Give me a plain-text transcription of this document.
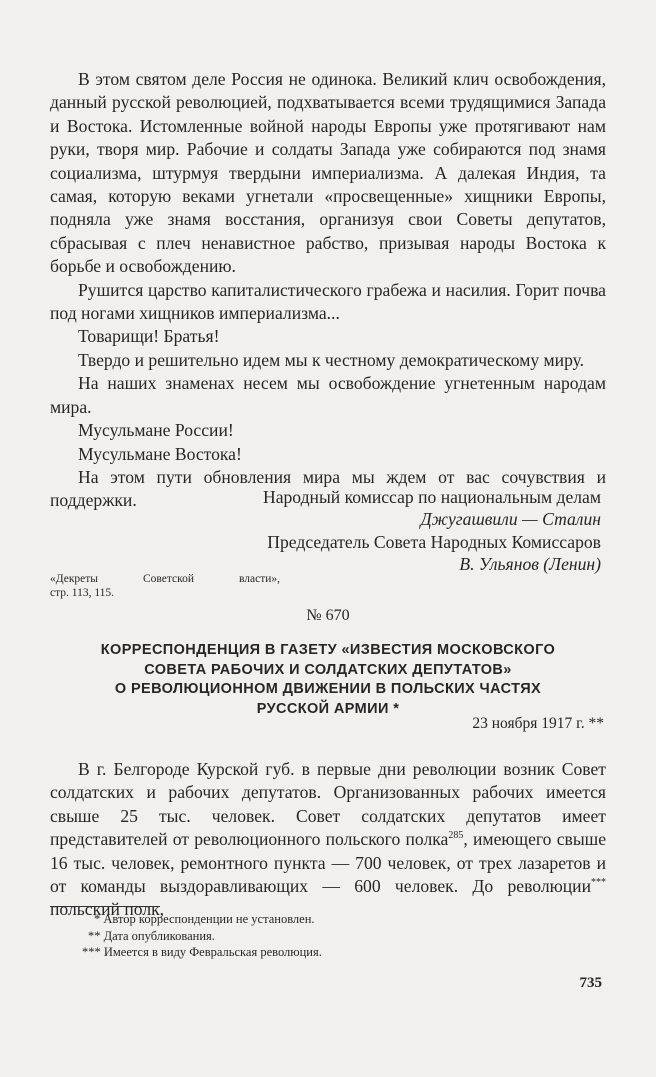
В этом святом деле Россия не одинока. Великий клич освобождения, данный русской революцией, подхватывается всеми трудящимися Запада и Востока. Истомленные войной народы Европы уже протягивают нам руки, творя мир. Рабочие и солдаты Запада уже собираются под знамя социализма, штурмуя твердыни империализма. А далекая Индия, та самая, которую веками угнетали «просвещенные» хищники Европы, подняла уже знамя восстания, организуя свои Советы депутатов, сбрасывая с плеч ненавистное рабство, призывая народы Востока к борьбе и освобождению.

Рушится царство капиталистического грабежа и насилия. Горит почва под ногами хищников империализма...

Товарищи! Братья!

Твердо и решительно идем мы к честному демократическому миру.

На наших знаменах несем мы освобождение угнетенным народам мира.

Мусульмане России!

Мусульмане Востока!

На этом пути обновления мира мы ждем от вас сочувствия и поддержки.	Народный комиссар по национальным делам
Джугашвили — Сталин
Председатель Совета Народных Комиссаров
В. Ульянов (Ленин)
«Декреты	Советской	власти»,
стр. 113, 115.
№ 670
КОРРЕСПОНДЕНЦИЯ В ГАЗЕТУ «ИЗВЕСТИЯ МОСКОВСКОГО
СОВЕТА РАБОЧИХ И СОЛДАТСКИХ ДЕПУТАТОВ»
О РЕВОЛЮЦИОННОМ ДВИЖЕНИИ В ПОЛЬСКИХ ЧАСТЯХ
РУССКОЙ АРМИИ *
23 ноября 1917 г. **

В г. Белгороде Курской губ. в первые дни революции возник Совет солдатских и рабочих депутатов. Организованных рабочих имеется свыше 25 тыс. человек. Совет солдатских депутатов имеет представителей от революционного польского полка$^{285}$, имеющего свыше 16 тыс. человек, ремонтного пункта — 700 человек, от трех лазаретов и от команды выздоравливающих — 600 человек. До революции*** польский полк,

* Автор корреспонденции не установлен.
** Дата опубликования.
*** Имеется в виду Февральская революция.
735
